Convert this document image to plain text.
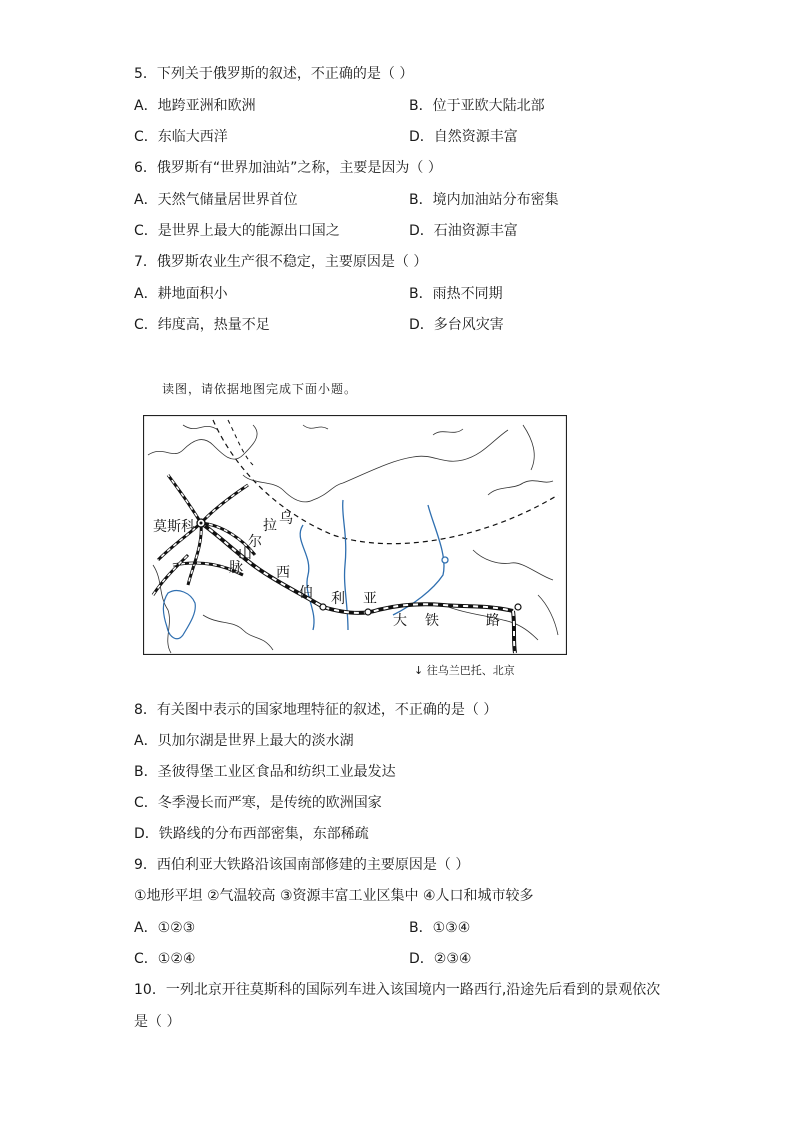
5．下列关于俄罗斯的叙述，不正确的是（ ）
A．地跨亚洲和欧洲	B．位于亚欧大陆北部
C．东临大西洋	D．自然资源丰富
6．俄罗斯有“世界加油站”之称，主要是因为（ ）
A．天然气储量居世界首位	B．境内加油站分布密集
C．是世界上最大的能源出口国之	D．石油资源丰富
7．俄罗斯农业生产很不稳定，主要原因是（ ）
A．耕地面积小	B．雨热不同期
C．纬度高，热量不足	D．多台风灾害
读图，请依据地图完成下面小题。
莫斯科	乌
拉
尔
山
脉 西
伯 利 亚
大 铁	路
↓ 往乌兰巴托、北京
8．有关图中表示的国家地理特征的叙述，不正确的是（ ）
A．贝加尔湖是世界上最大的淡水湖
B．圣彼得堡工业区食品和纺织工业最发达
C．冬季漫长而严寒，是传统的欧洲国家
D．铁路线的分布西部密集，东部稀疏
9．西伯利亚大铁路沿该国南部修建的主要原因是（ ）
①地形平坦 ②气温较高 ③资源丰富工业区集中 ④人口和城市较多
A．①②③	B．①③④
C．①②④	D．②③④
10．一列北京开往莫斯科的国际列车进入该国境内一路西行,沿途先后看到的景观依次
是（ ）
